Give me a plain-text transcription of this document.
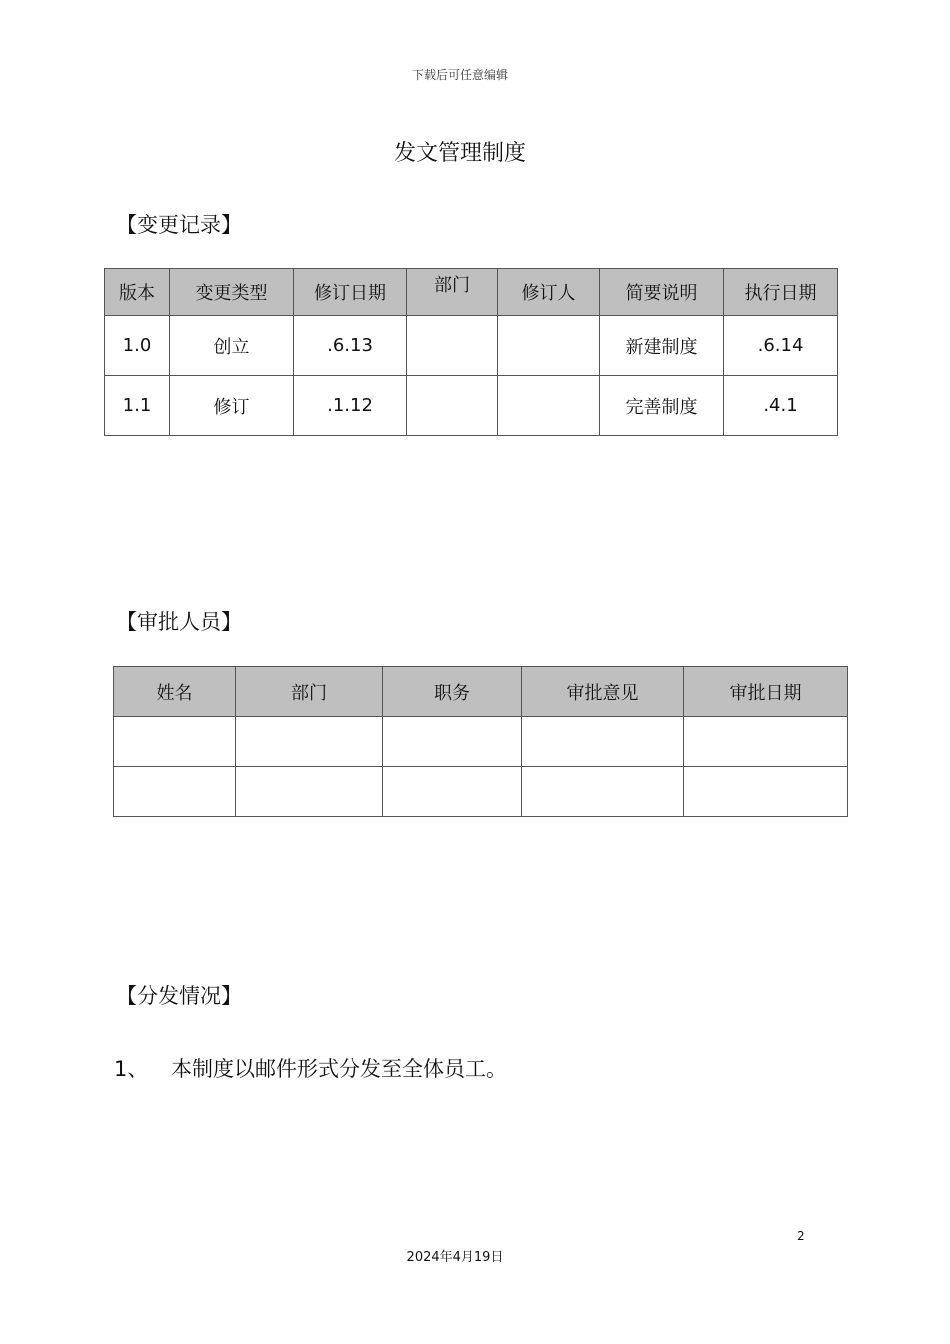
下载后可任意编辑
发文管理制度
【变更记录】
版本	变更类型	修订日期	部门	修订人	简要说明	执行日期
1.0	创立	.6.13			新建制度	.6.14
1.1	修订	.1.12			完善制度	.4.1
【审批人员】
姓名	部门	职务	审批意见	审批日期

【分发情况】
1、 本制度以邮件形式分发至全体员工。
2
2024年4月19日
